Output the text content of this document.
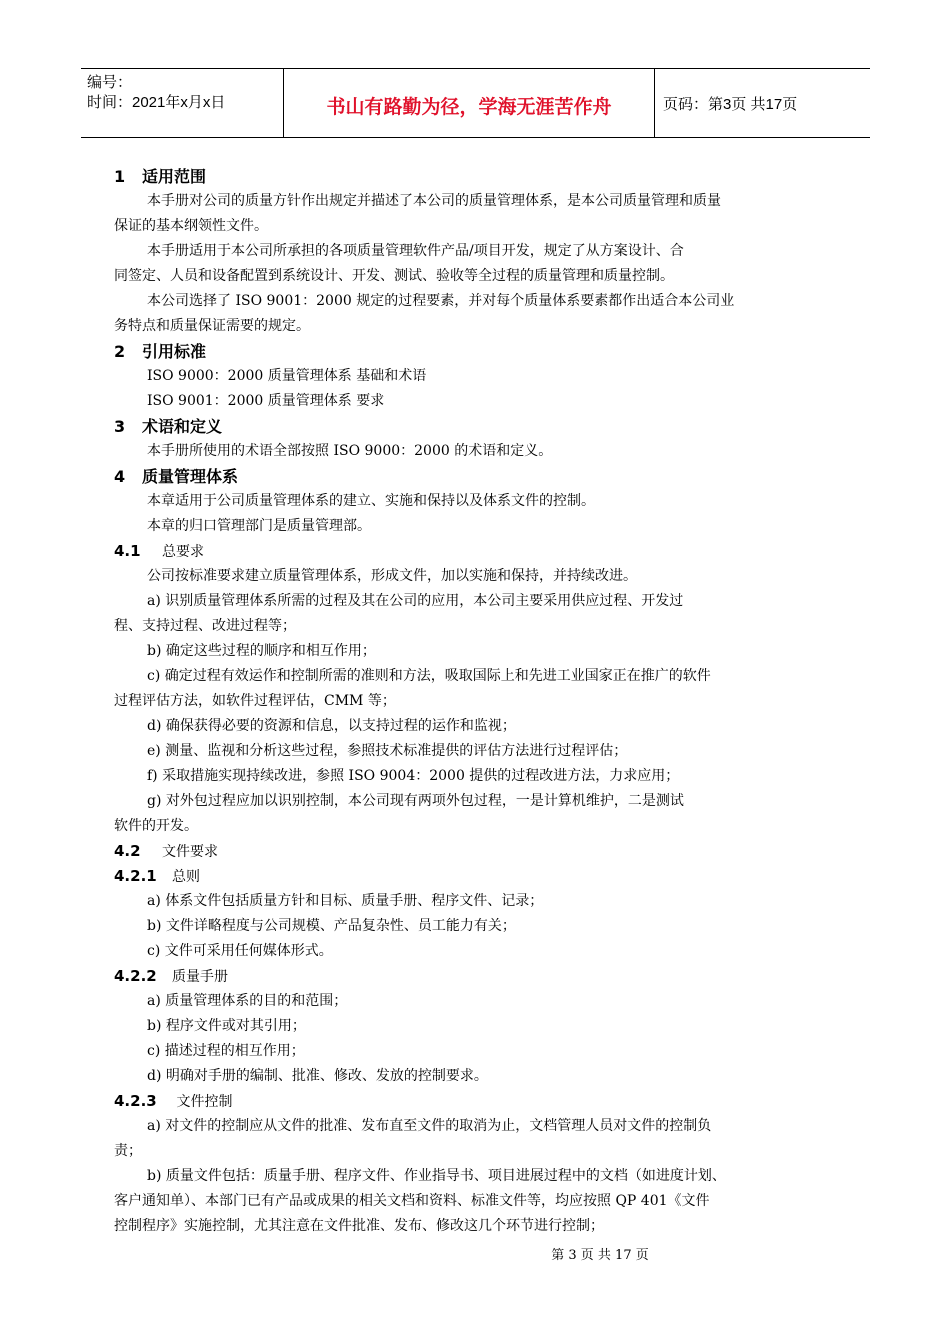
编号：
时间：2021年x月x日	书山有路勤为径，学海无涯苦作舟	页码：第3页 共17页
1 适用范围
本手册对公司的质量方针作出规定并描述了本公司的质量管理体系，是本公司质量管理和质量
保证的基本纲领性文件。
本手册适用于本公司所承担的各项质量管理软件产品/项目开发，规定了从方案设计、合
同签定、人员和设备配置到系统设计、开发、测试、验收等全过程的质量管理和质量控制。
本公司选择了 ISO 9001：2000 规定的过程要素，并对每个质量体系要素都作出适合本公司业
务特点和质量保证需要的规定。
2 引用标准
ISO 9000：2000 质量管理体系 基础和术语
ISO 9001：2000 质量管理体系 要求
3 术语和定义
本手册所使用的术语全部按照 ISO 9000：2000 的术语和定义。
4 质量管理体系
本章适用于公司质量管理体系的建立、实施和保持以及体系文件的控制。
本章的归口管理部门是质量管理部。
4.1 总要求
公司按标准要求建立质量管理体系，形成文件，加以实施和保持，并持续改进。
a) 识别质量管理体系所需的过程及其在公司的应用，本公司主要采用供应过程、开发过
程、支持过程、改进过程等；
b) 确定这些过程的顺序和相互作用；
c) 确定过程有效运作和控制所需的准则和方法，吸取国际上和先进工业国家正在推广的软件
过程评估方法，如软件过程评估，CMM 等；
d) 确保获得必要的资源和信息，以支持过程的运作和监视；
e) 测量、监视和分析这些过程，参照技术标准提供的评估方法进行过程评估；
f) 采取措施实现持续改进，参照 ISO 9004：2000 提供的过程改进方法，力求应用；
g) 对外包过程应加以识别控制，本公司现有两项外包过程，一是计算机维护，二是测试
软件的开发。
4.2 文件要求
4.2.1 总则
a) 体系文件包括质量方针和目标、质量手册、程序文件、记录；
b) 文件详略程度与公司规模、产品复杂性、员工能力有关；
c) 文件可采用任何媒体形式。
4.2.2 质量手册
a) 质量管理体系的目的和范围；
b) 程序文件或对其引用；
c) 描述过程的相互作用；
d) 明确对手册的编制、批准、修改、发放的控制要求。
4.2.3 文件控制
a) 对文件的控制应从文件的批准、发布直至文件的取消为止，文档管理人员对文件的控制负
责；
b) 质量文件包括：质量手册、程序文件、作业指导书、项目进展过程中的文档（如进度计划、
客户通知单）、本部门已有产品或成果的相关文档和资料、标准文件等，均应按照 QP 401《文件
控制程序》实施控制，尤其注意在文件批准、发布、修改这几个环节进行控制；
第 3 页 共 17 页
